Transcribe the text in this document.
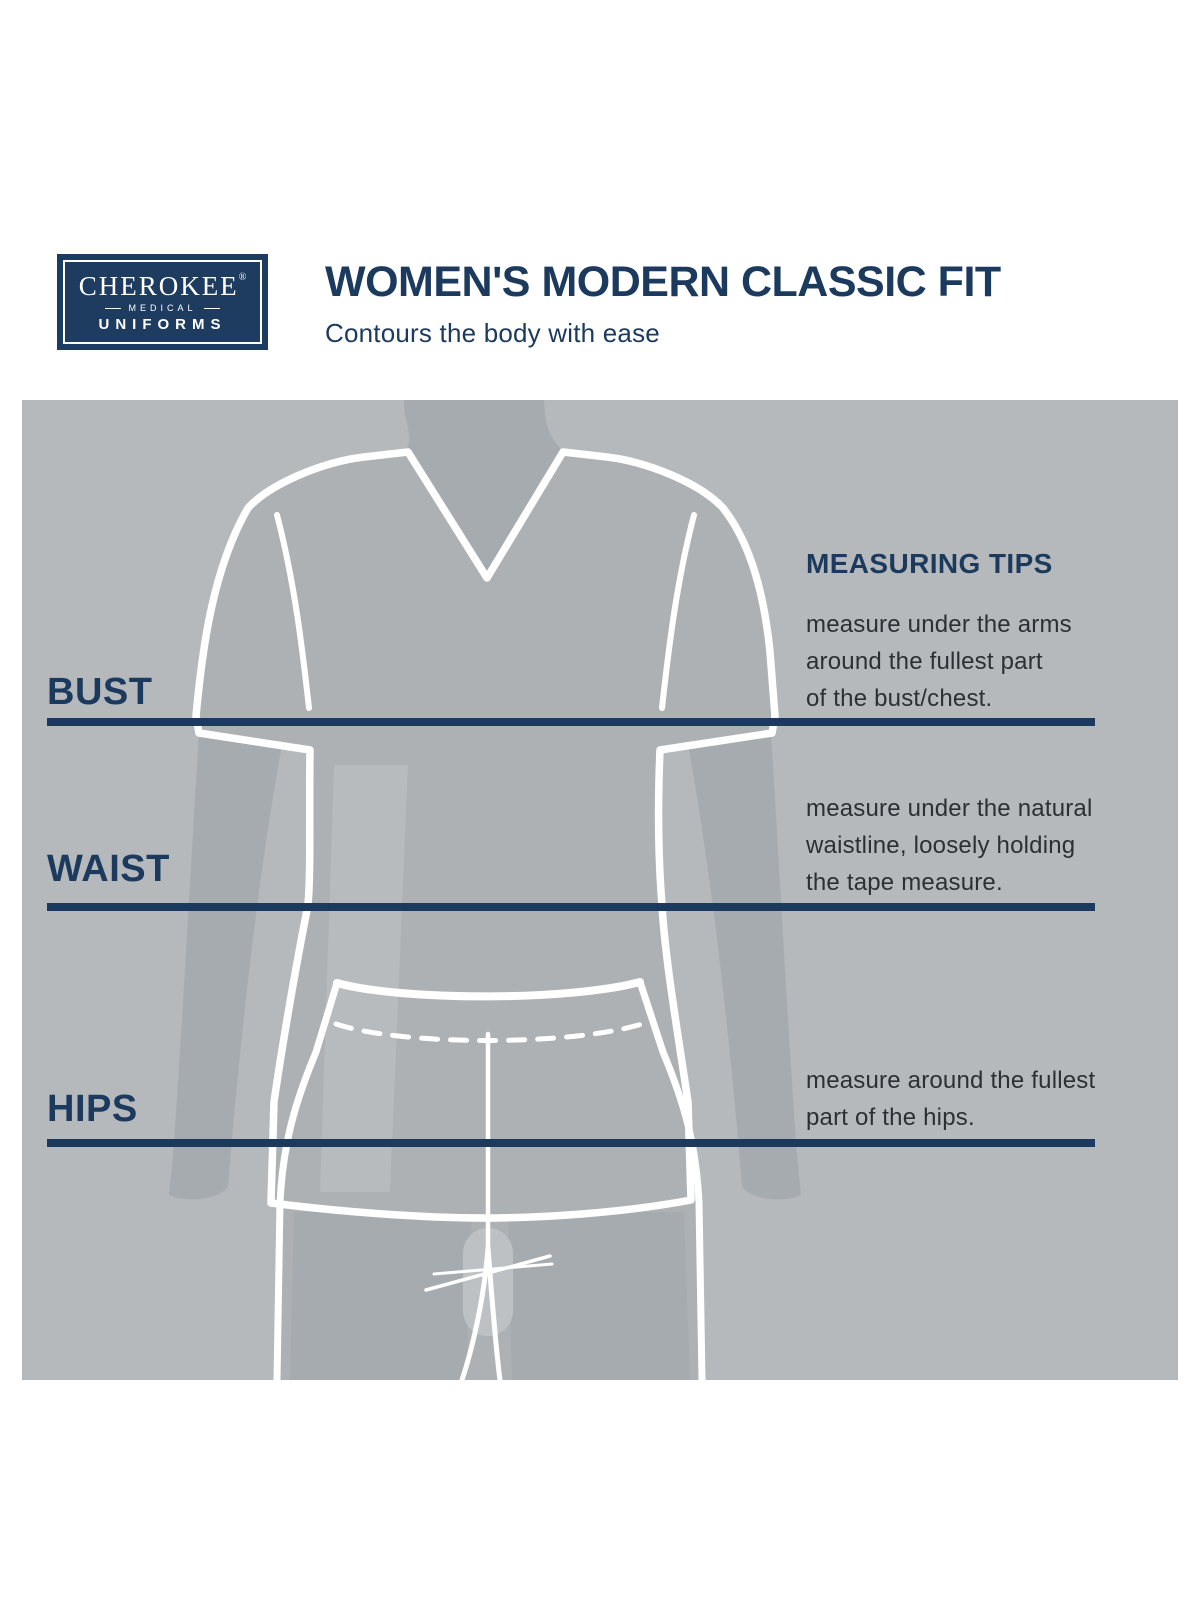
CHEROKEE®
MEDICAL
UNIFORMS
WOMEN'S MODERN CLASSIC FIT
Contours the body with ease
BUST
WAIST
HIPS
MEASURING TIPS
measure under the arms
around the fullest part
of the bust/chest.
measure under the natural
waistline, loosely holding
the tape measure.
measure around the fullest
part of the hips.
